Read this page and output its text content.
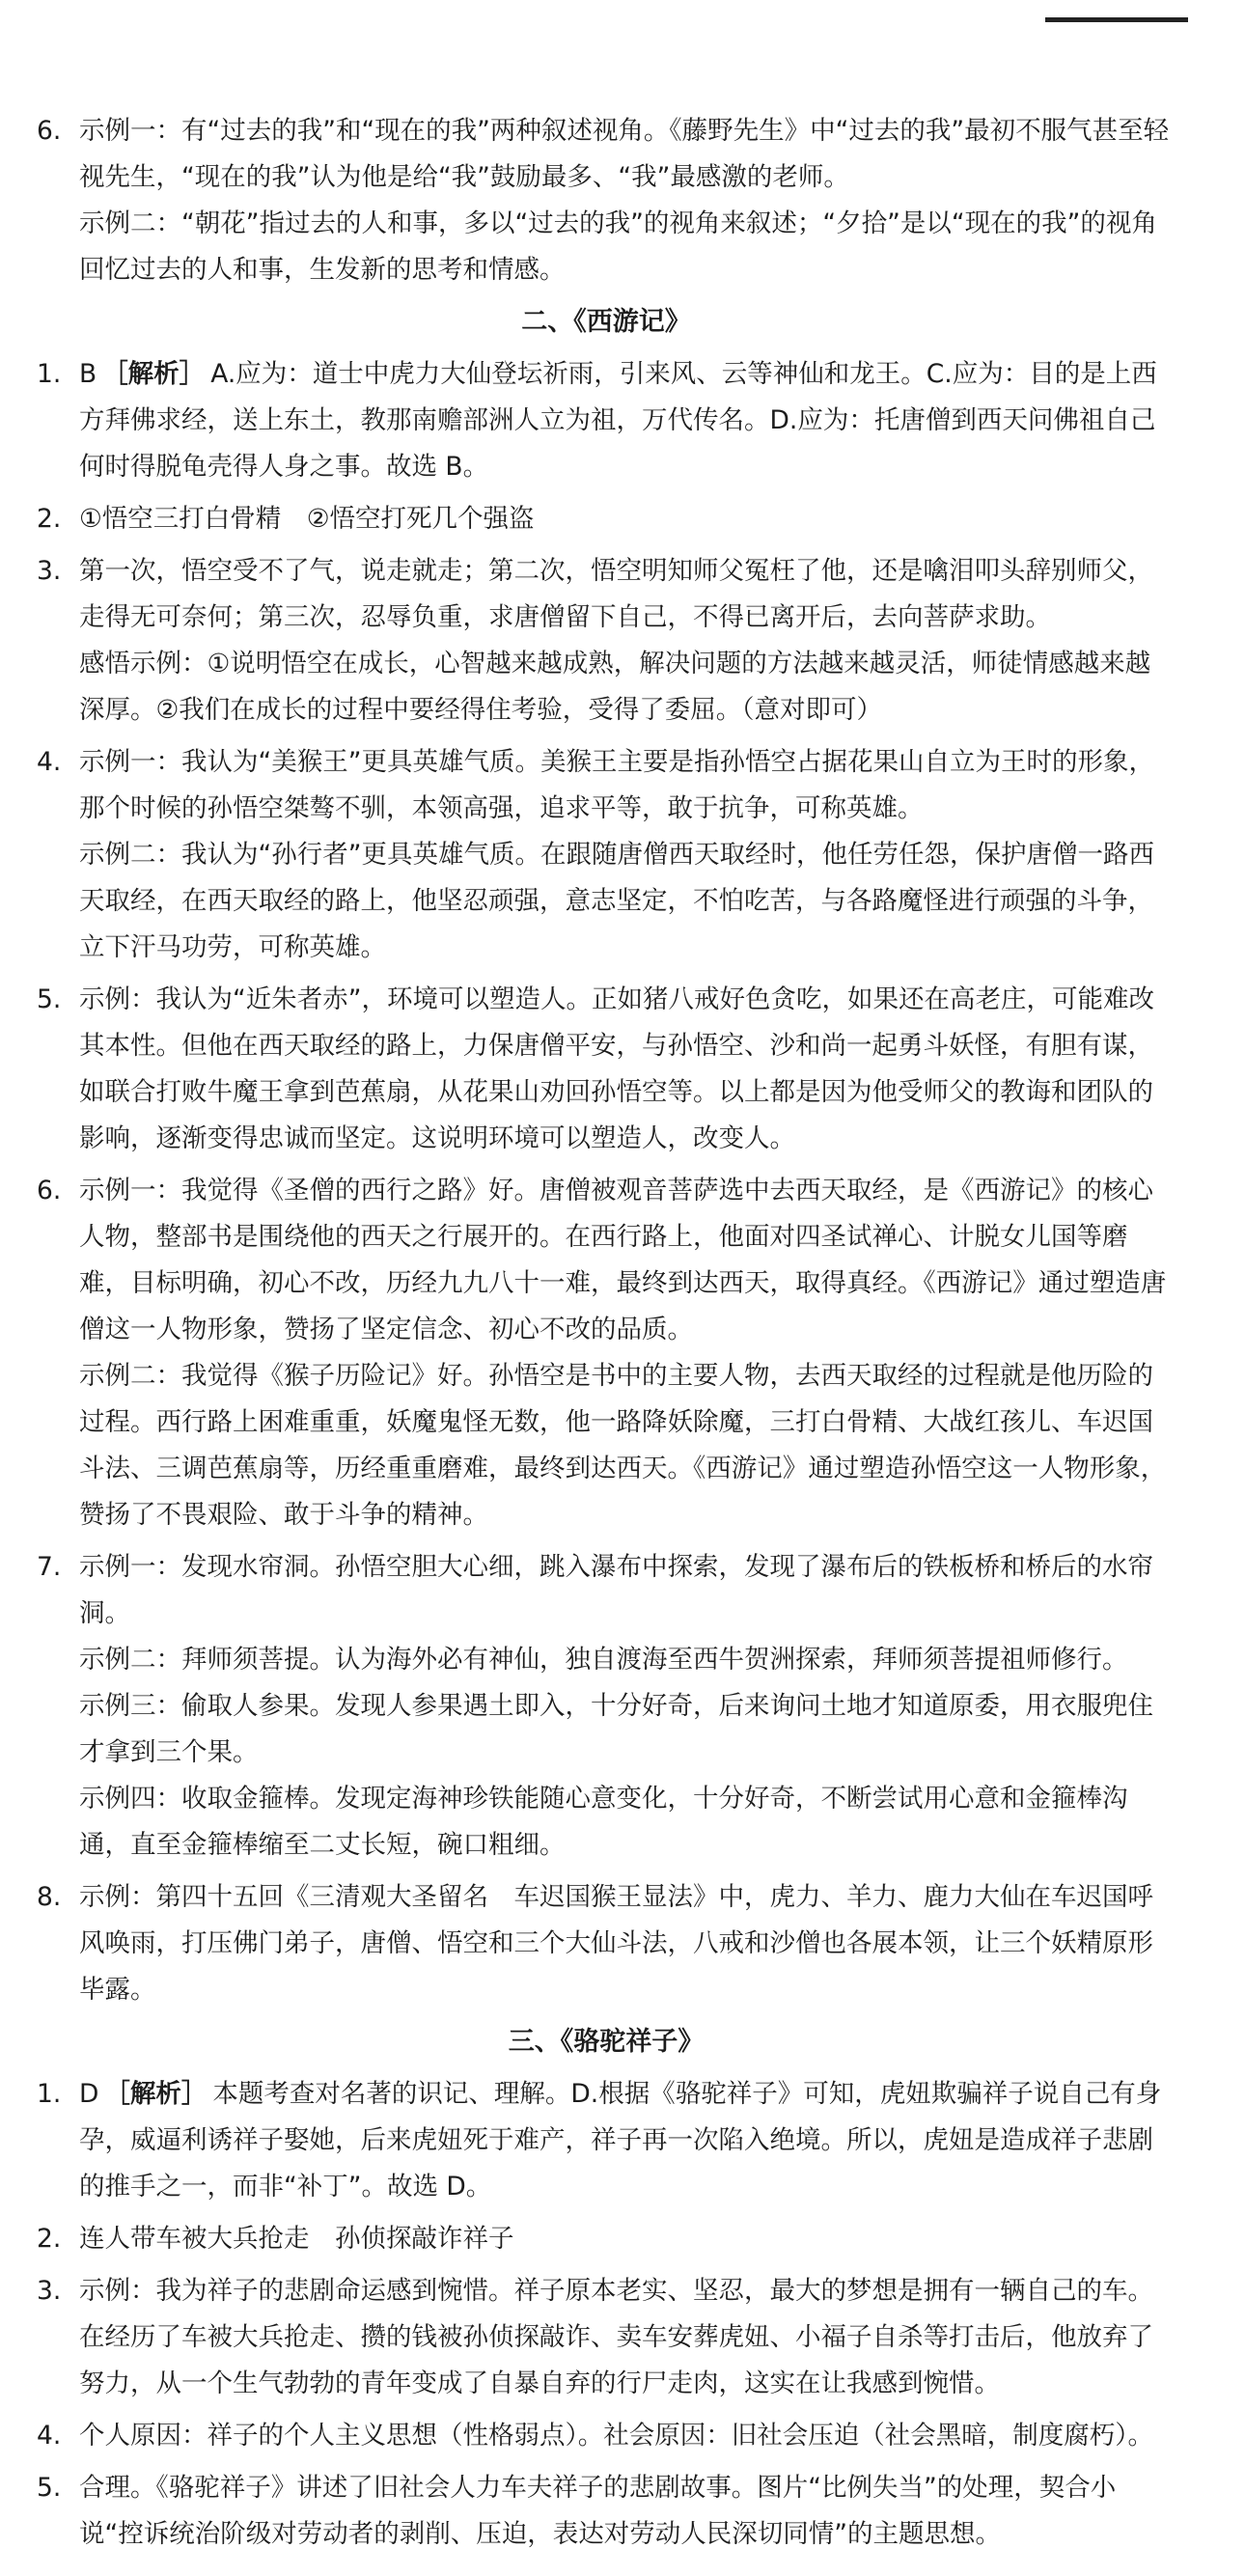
6. 示例一：有“过去的我”和“现在的我”两种叙述视角。《藤野先生》中“过去的我”最初不服气甚至轻视先生，“现在的我”认为他是给“我”鼓励最多、“我”最感激的老师。

示例二：“朝花”指过去的人和事，多以“过去的我”的视角来叙述；“夕拾”是以“现在的我”的视角回忆过去的人和事，生发新的思考和情感。

二、《西游记》
1. B ［解析］ A.应为：道士中虎力大仙登坛祈雨，引来风、云等神仙和龙王。C.应为：目的是上西方拜佛求经，送上东土，教那南赡部洲人立为祖，万代传名。D.应为：托唐僧到西天问佛祖自己何时得脱龟壳得人身之事。故选 B。

2. ①悟空三打白骨精　②悟空打死几个强盗

3. 第一次，悟空受不了气，说走就走；第二次，悟空明知师父冤枉了他，还是噙泪叩头辞别师父，走得无可奈何；第三次，忍辱负重，求唐僧留下自己，不得已离开后，去向菩萨求助。

感悟示例：①说明悟空在成长，心智越来越成熟，解决问题的方法越来越灵活，师徒情感越来越深厚。②我们在成长的过程中要经得住考验，受得了委屈。（意对即可）

4. 示例一：我认为“美猴王”更具英雄气质。美猴王主要是指孙悟空占据花果山自立为王时的形象，那个时候的孙悟空桀骜不驯，本领高强，追求平等，敢于抗争，可称英雄。

示例二：我认为“孙行者”更具英雄气质。在跟随唐僧西天取经时，他任劳任怨，保护唐僧一路西天取经，在西天取经的路上，他坚忍顽强，意志坚定，不怕吃苦，与各路魔怪进行顽强的斗争，立下汗马功劳，可称英雄。

5. 示例：我认为“近朱者赤”，环境可以塑造人。正如猪八戒好色贪吃，如果还在高老庄，可能难改其本性。但他在西天取经的路上，力保唐僧平安，与孙悟空、沙和尚一起勇斗妖怪，有胆有谋，如联合打败牛魔王拿到芭蕉扇，从花果山劝回孙悟空等。以上都是因为他受师父的教诲和团队的影响，逐渐变得忠诚而坚定。这说明环境可以塑造人，改变人。

6. 示例一：我觉得《圣僧的西行之路》好。唐僧被观音菩萨选中去西天取经，是《西游记》的核心人物，整部书是围绕他的西天之行展开的。在西行路上，他面对四圣试禅心、计脱女儿国等磨难，目标明确，初心不改，历经九九八十一难，最终到达西天，取得真经。《西游记》通过塑造唐僧这一人物形象，赞扬了坚定信念、初心不改的品质。

示例二：我觉得《猴子历险记》好。孙悟空是书中的主要人物，去西天取经的过程就是他历险的过程。西行路上困难重重，妖魔鬼怪无数，他一路降妖除魔，三打白骨精、大战红孩儿、车迟国斗法、三调芭蕉扇等，历经重重磨难，最终到达西天。《西游记》通过塑造孙悟空这一人物形象，赞扬了不畏艰险、敢于斗争的精神。

7. 示例一：发现水帘洞。孙悟空胆大心细，跳入瀑布中探索，发现了瀑布后的铁板桥和桥后的水帘洞。

示例二：拜师须菩提。认为海外必有神仙，独自渡海至西牛贺洲探索，拜师须菩提祖师修行。

示例三：偷取人参果。发现人参果遇土即入，十分好奇，后来询问土地才知道原委，用衣服兜住才拿到三个果。

示例四：收取金箍棒。发现定海神珍铁能随心意变化，十分好奇，不断尝试用心意和金箍棒沟通，直至金箍棒缩至二丈长短，碗口粗细。

8. 示例：第四十五回《三清观大圣留名　车迟国猴王显法》中，虎力、羊力、鹿力大仙在车迟国呼风唤雨，打压佛门弟子，唐僧、悟空和三个大仙斗法，八戒和沙僧也各展本领，让三个妖精原形毕露。

三、《骆驼祥子》
1. D ［解析］ 本题考查对名著的识记、理解。D.根据《骆驼祥子》可知，虎妞欺骗祥子说自己有身孕，威逼利诱祥子娶她，后来虎妞死于难产，祥子再一次陷入绝境。所以，虎妞是造成祥子悲剧的推手之一，而非“补丁”。故选 D。

2. 连人带车被大兵抢走　孙侦探敲诈祥子

3. 示例：我为祥子的悲剧命运感到惋惜。祥子原本老实、坚忍，最大的梦想是拥有一辆自己的车。在经历了车被大兵抢走、攒的钱被孙侦探敲诈、卖车安葬虎妞、小福子自杀等打击后，他放弃了努力，从一个生气勃勃的青年变成了自暴自弃的行尸走肉，这实在让我感到惋惜。

4. 个人原因：祥子的个人主义思想（性格弱点）。社会原因：旧社会压迫（社会黑暗，制度腐朽）。

5. 合理。《骆驼祥子》讲述了旧社会人力车夫祥子的悲剧故事。图片“比例失当”的处理，契合小说“控诉统治阶级对劳动者的剥削、压迫，表达对劳动人民深切同情”的主题思想。
